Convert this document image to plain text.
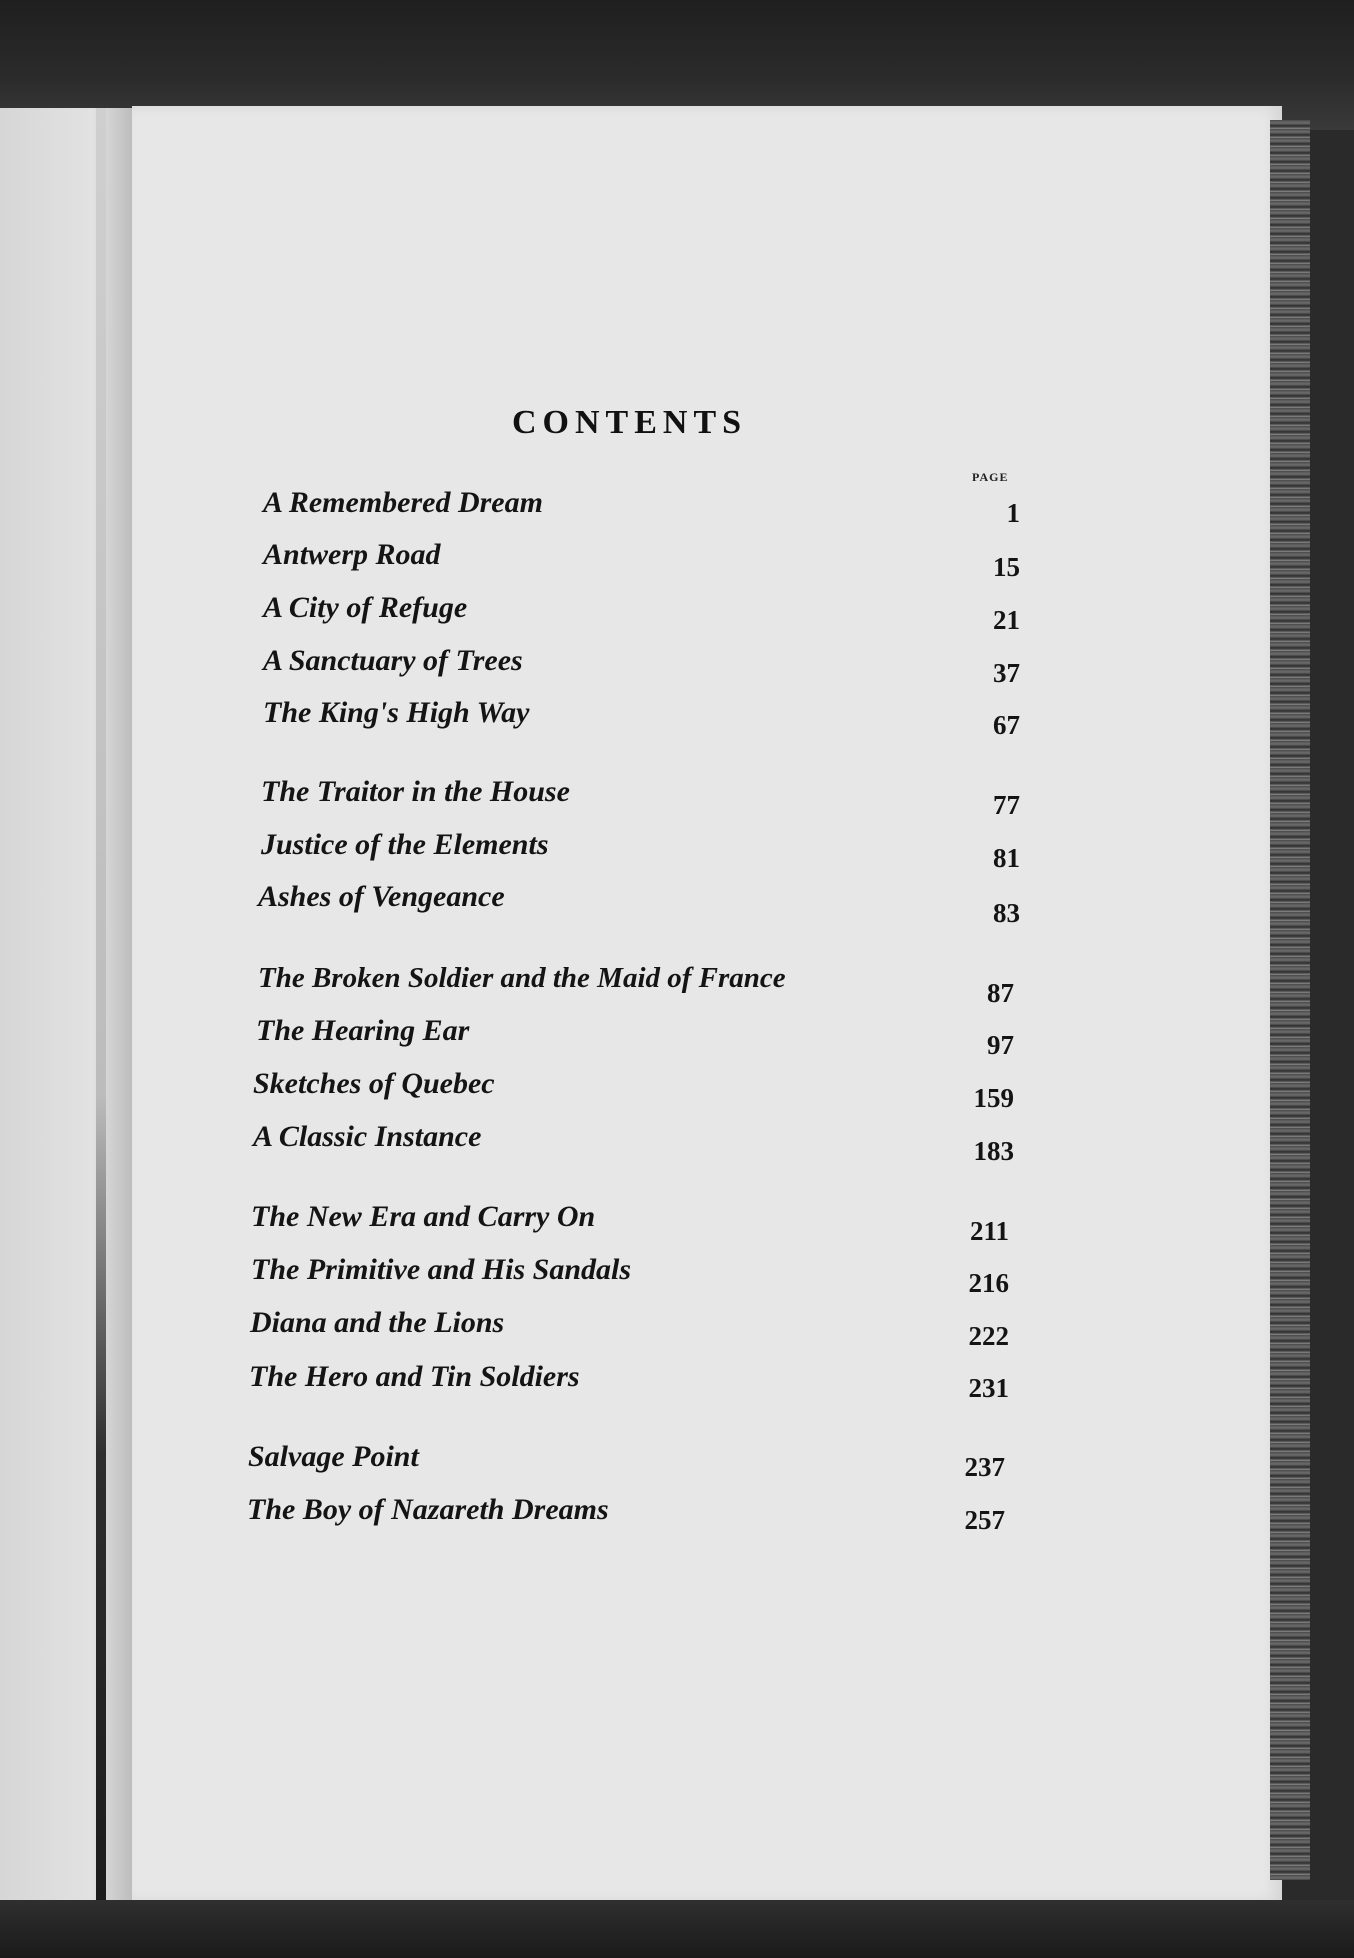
CONTENTS
PAGE
A Remembered Dream	1
Antwerp Road	15
A City of Refuge	21
A Sanctuary of Trees	37
The King's High Way	67
The Traitor in the House	77
Justice of the Elements	81
Ashes of Vengeance	83
The Broken Soldier and the Maid of France	87
The Hearing Ear	97
Sketches of Quebec	159
A Classic Instance	183
The New Era and Carry On	211
The Primitive and His Sandals	216
Diana and the Lions	222
The Hero and Tin Soldiers	231
Salvage Point	237
The Boy of Nazareth Dreams	257
